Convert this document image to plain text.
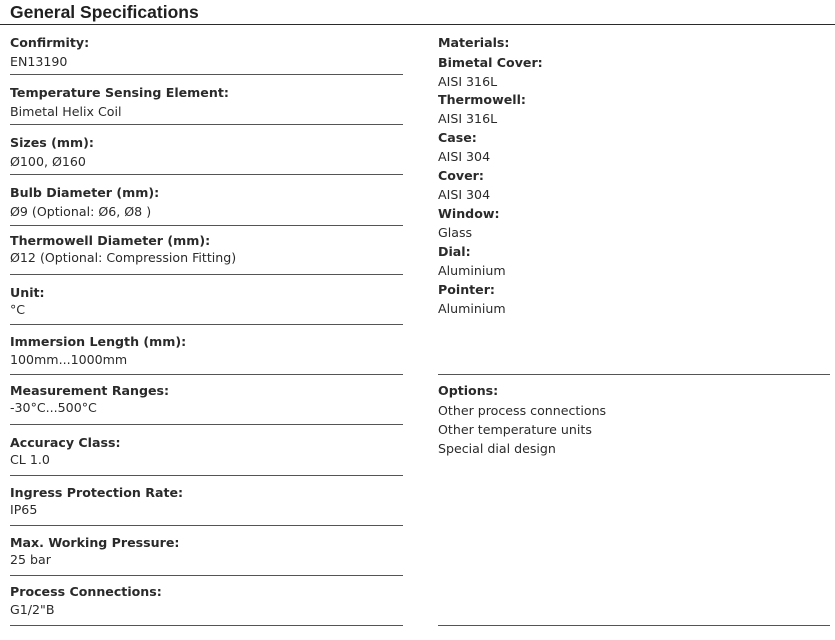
General Specifications
Confirmity:
EN13190
Temperature Sensing Element:
Bimetal Helix Coil
Sizes (mm):
Ø100, Ø160
Bulb Diameter (mm):
Ø9 (Optional: Ø6, Ø8 )
Thermowell Diameter (mm):
Ø12 (Optional: Compression Fitting)
Unit:
°C
Immersion Length (mm):
100mm...1000mm
Measurement Ranges:
-30°C...500°C
Accuracy Class:
CL 1.0
Ingress Protection Rate:
IP65
Max. Working Pressure:
25 bar
Process Connections:
G1/2"B
Materials:
Bimetal Cover:
AISI 316L
Thermowell:
AISI 316L
Case:
AISI 304
Cover:
AISI 304
Window:
Glass
Dial:
Aluminium
Pointer:
Aluminium
Options:
Other process connections
Other temperature units
Special dial design
